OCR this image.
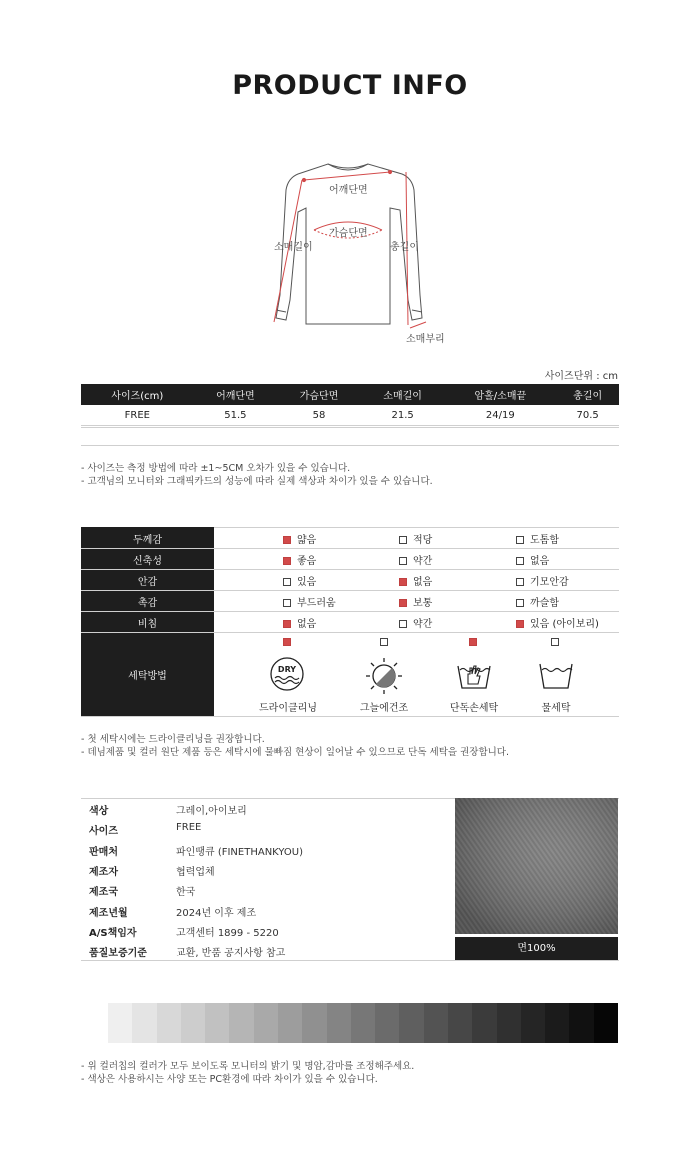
PRODUCT INFO
어깨단면
가슴단면
소매길이	총길이
소매부리
사이즈단위 : cm
사이즈(cm)	어깨단면	가슴단면	소매길이	암홀/소매끝	총길이
FREE	51.5	58	21.5	24/19	70.5
- 사이즈는 측정 방법에 따라 ±1~5CM 오차가 있을 수 있습니다.
- 고객님의 모니터와 그래픽카드의 성능에 따라 실제 색상과 차이가 있을 수 있습니다.
두께감	얇음	적당	도톰함
신축성	좋음	약간	없음
안감	있음	없음	기모안감
촉감	부드러움	보통	까슬함
비침	없음	약간	있음 (아이보리)
세탁방법
DRY
드라이클리닝	그늘에건조	단독손세탁	물세탁
- 첫 세탁시에는 드라이클리닝을 권장합니다.
- 데님제품 및 컬러 원단 제품 등은 세탁시에 물빠짐 현상이 일어날 수 있으므로 단독 세탁을 권장합니다.
색상	그레이,아이보리
사이즈	FREE
판매처	파인땡큐 (FINETHANKYOU)
제조자	협력업체
제조국	한국
제조년월	2024년 이후 제조
A/S책임자	고객센터 1899 - 5220
품질보증기준	교환, 반품 공지사항 참고	면100%
- 위 컬러칩의 컬러가 모두 보이도록 모니터의 밝기 및 명암,감마를 조정해주세요.
- 색상은 사용하시는 사양 또는 PC환경에 따라 차이가 있을 수 있습니다.
